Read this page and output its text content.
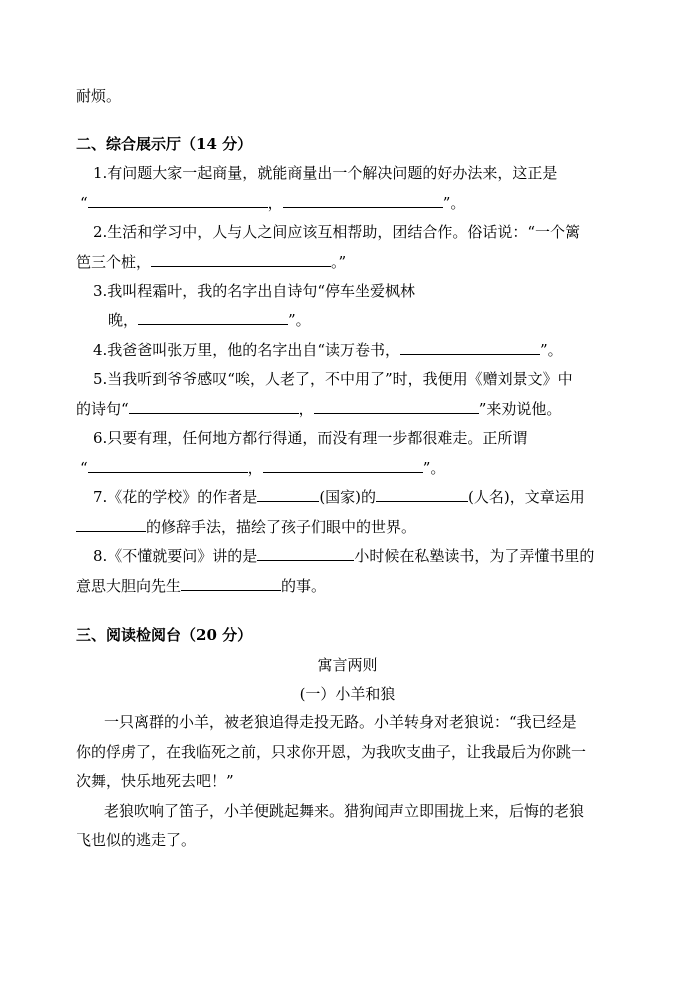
耐烦。
二、综合展示厅（14 分）
1.有问题大家一起商量，就能商量出一个解决问题的好办法来，这正是
“	，	”。
2.生活和学习中，人与人之间应该互相帮助，团结合作。俗话说：“一个篱
笆三个桩，	。”
3.我叫程霜叶，我的名字出自诗句“停车坐爱枫林
晚，	”。
4.我爸爸叫张万里，他的名字出自“读万卷书，	”。
5.当我听到爷爷感叹“唉，人老了，不中用了”时，我便用《赠刘景文》中
的诗句“	，	”来劝说他。
6.只要有理，任何地方都行得通，而没有理一步都很难走。正所谓
“	，	”。
7.《花的学校》的作者是	(国家)的	(人名)，文章运用
的修辞手法，描绘了孩子们眼中的世界。
8.《不懂就要问》讲的是	小时候在私塾读书，为了弄懂书里的
意思大胆向先生	的事。
三、阅读检阅台（20 分）
寓言两则
(一）小羊和狼
一只离群的小羊，被老狼追得走投无路。小羊转身对老狼说：“我已经是
你的俘虏了，在我临死之前，只求你开恩，为我吹支曲子，让我最后为你跳一
次舞，快乐地死去吧！”
老狼吹响了笛子，小羊便跳起舞来。猎狗闻声立即围拢上来，后悔的老狼
飞也似的逃走了。
